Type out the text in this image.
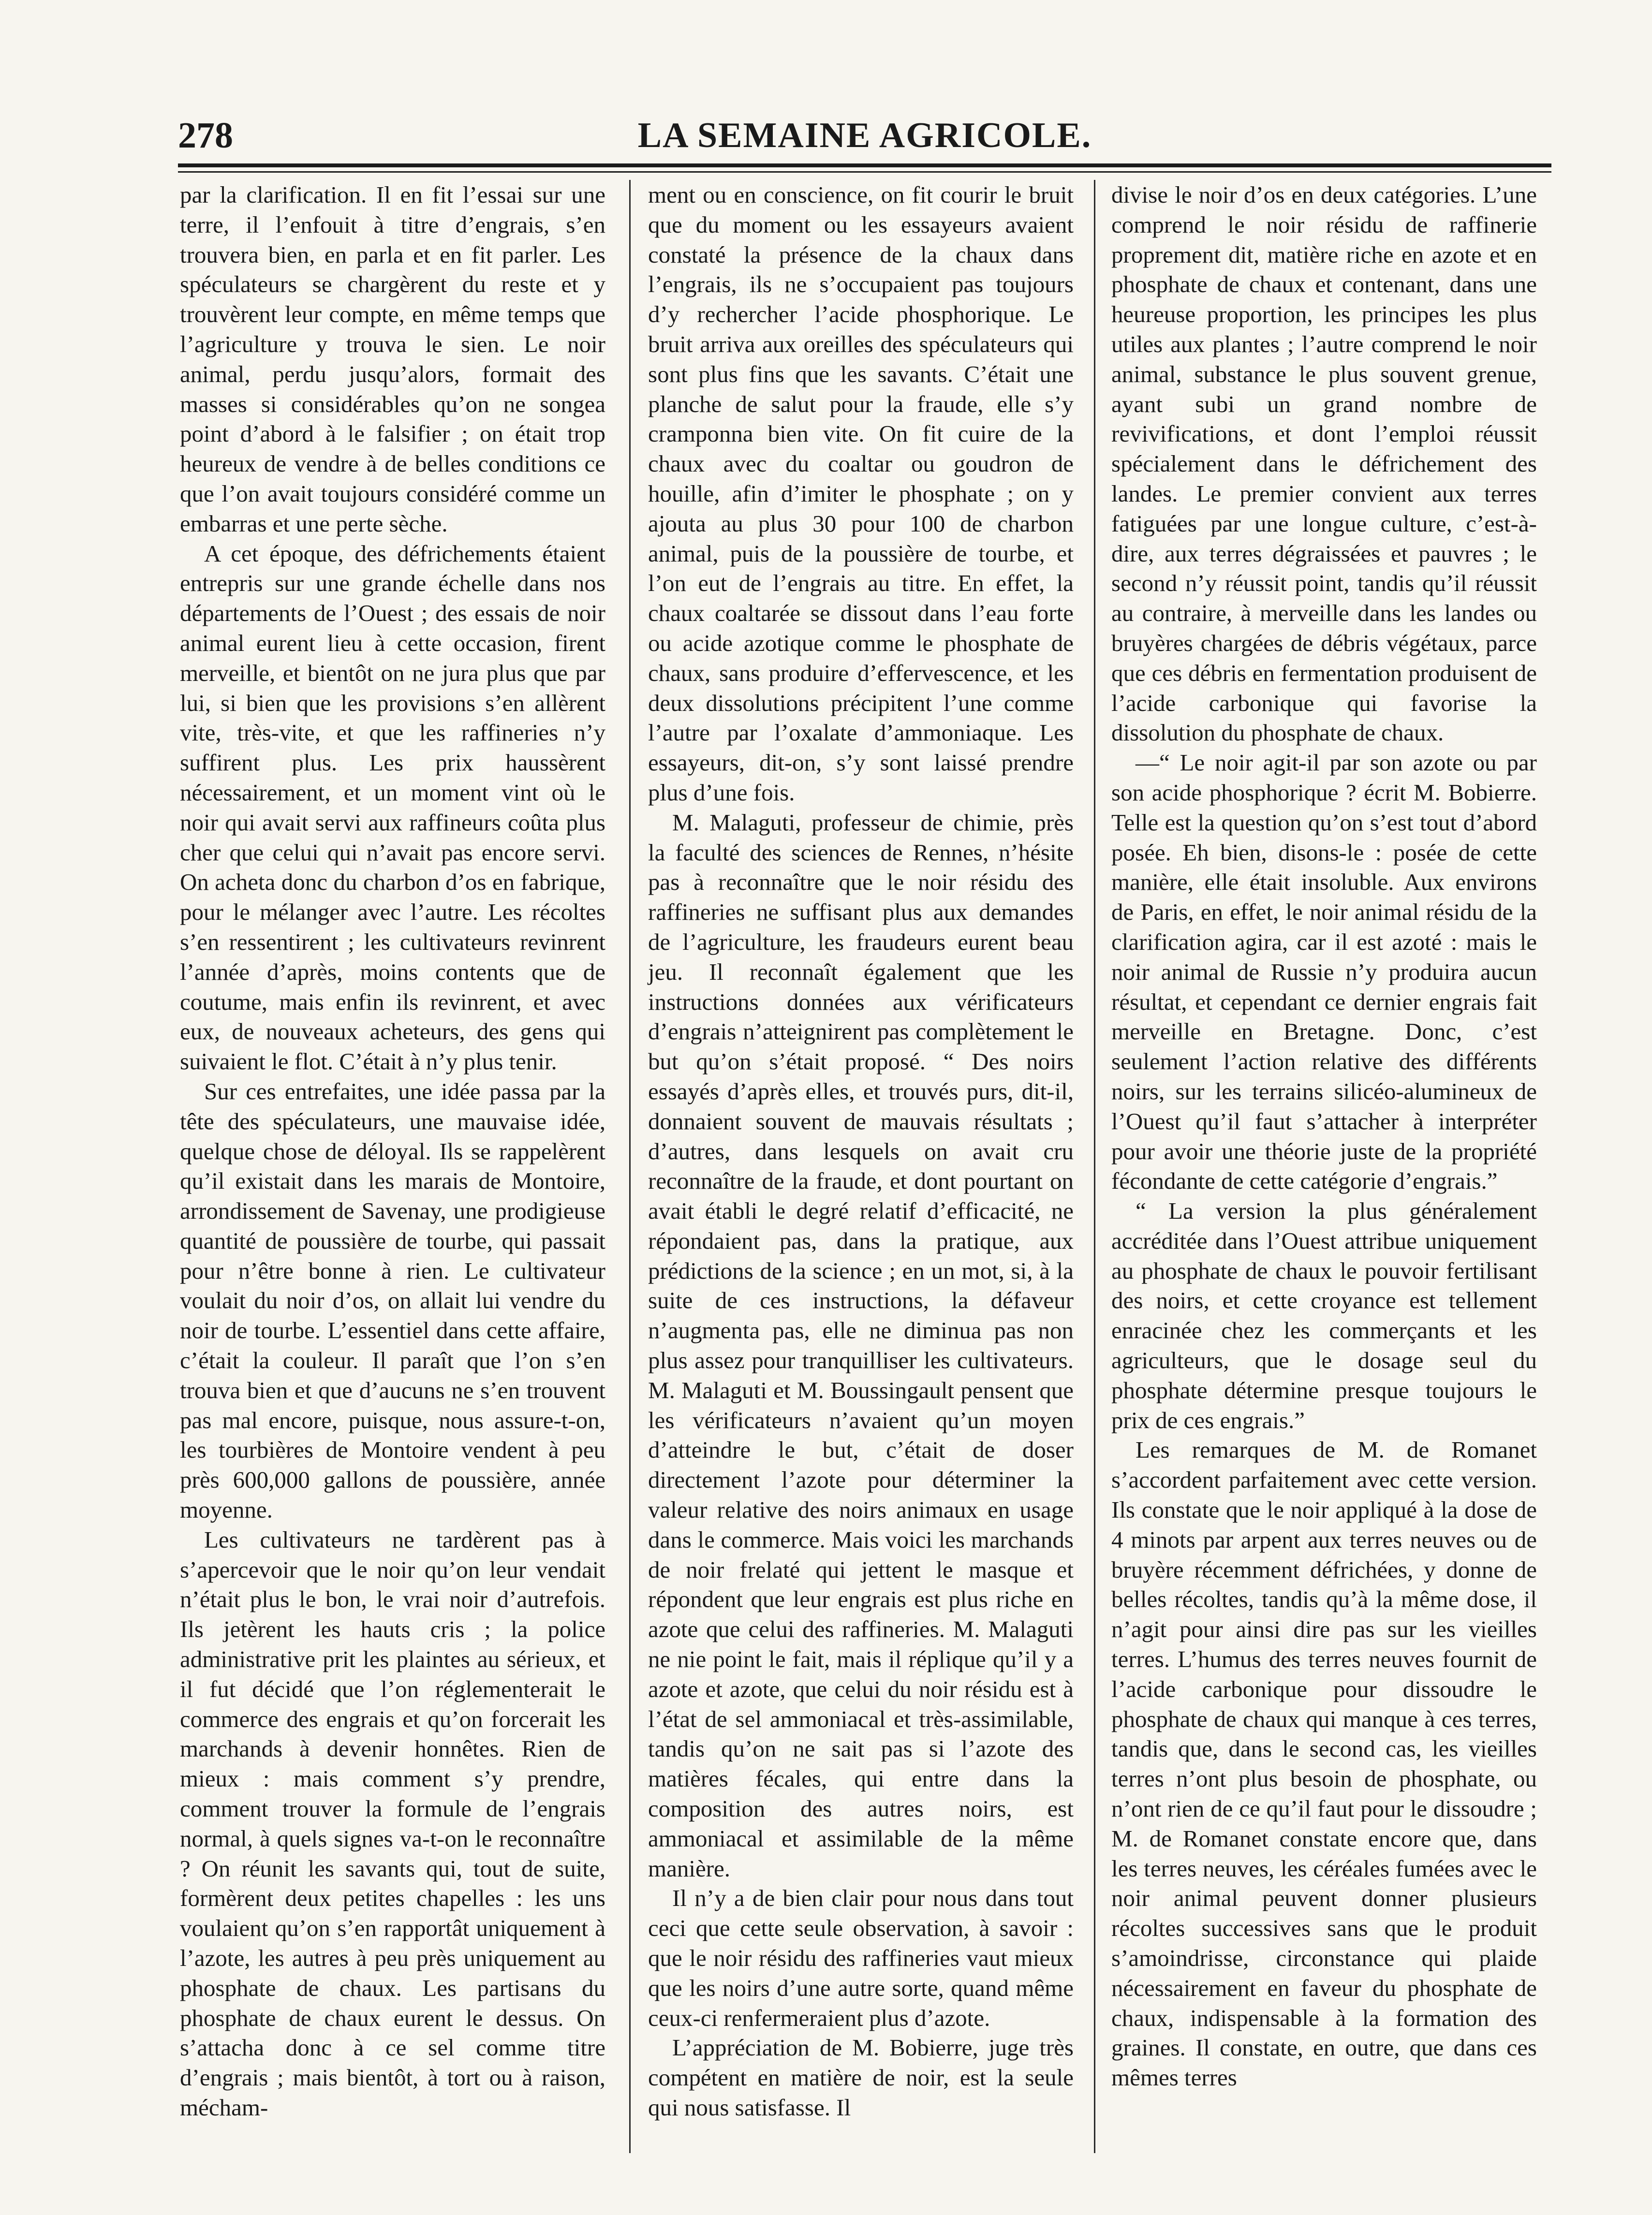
278	LA SEMAINE AGRICOLE.

par la clarification. Il en fit l’essai sur une terre, il l’enfouit à titre d’engrais, s’en trouvera bien, en parla et en fit parler. Les spéculateurs se chargèrent du reste et y trouvèrent leur compte, en même temps que l’agriculture y trouva le sien. Le noir animal, perdu jusqu’alors, formait des masses si considérables qu’on ne songea point d’abord à le falsifier ; on était trop heureux de vendre à de belles conditions ce que l’on avait toujours considéré comme un embarras et une perte sèche.

A cet époque, des défrichements étaient entrepris sur une grande échelle dans nos départements de l’Ouest ; des essais de noir animal eurent lieu à cette occasion, firent merveille, et bientôt on ne jura plus que par lui, si bien que les provisions s’en allèrent vite, très-vite, et que les raffineries n’y suffirent plus. Les prix haussèrent nécessairement, et un moment vint où le noir qui avait servi aux raffineurs coûta plus cher que celui qui n’avait pas encore servi. On acheta donc du charbon d’os en fabrique, pour le mélanger avec l’autre. Les récoltes s’en ressentirent ; les cultivateurs revinrent l’année d’après, moins contents que de coutume, mais enfin ils revinrent, et avec eux, de nouveaux acheteurs, des gens qui suivaient le flot. C’était à n’y plus tenir.

Sur ces entrefaites, une idée passa par la tête des spéculateurs, une mauvaise idée, quelque chose de déloyal. Ils se rappelèrent qu’il existait dans les marais de Montoire, arrondissement de Savenay, une prodigieuse quantité de poussière de tourbe, qui passait pour n’être bonne à rien. Le cultivateur voulait du noir d’os, on allait lui vendre du noir de tourbe. L’essentiel dans cette affaire, c’était la couleur. Il paraît que l’on s’en trouva bien et que d’aucuns ne s’en trouvent pas mal encore, puisque, nous assure-t-on, les tourbières de Montoire vendent à peu près 600,000 gallons de poussière, année moyenne.

Les cultivateurs ne tardèrent pas à s’apercevoir que le noir qu’on leur vendait n’était plus le bon, le vrai noir d’autrefois. Ils jetèrent les hauts cris ; la police administrative prit les plaintes au sérieux, et il fut décidé que l’on réglementerait le commerce des engrais et qu’on forcerait les marchands à devenir honnêtes. Rien de mieux : mais comment s’y prendre, comment trouver la formule de l’engrais normal, à quels signes va-t-on le reconnaître ? On réunit les savants qui, tout de suite, formèrent deux petites chapelles : les uns voulaient qu’on s’en rapportât uniquement à l’azote, les autres à peu près uniquement au phosphate de chaux. Les partisans du phosphate de chaux eurent le dessus. On s’attacha donc à ce sel comme titre d’engrais ; mais bientôt, à tort ou à raison, mécham-

ment ou en conscience, on fit courir le bruit que du moment ou les essayeurs avaient constaté la présence de la chaux dans l’engrais, ils ne s’occupaient pas toujours d’y rechercher l’acide phosphorique. Le bruit arriva aux oreilles des spéculateurs qui sont plus fins que les savants. C’était une planche de salut pour la fraude, elle s’y cramponna bien vite. On fit cuire de la chaux avec du coaltar ou goudron de houille, afin d’imiter le phosphate ; on y ajouta au plus 30 pour 100 de charbon animal, puis de la poussière de tourbe, et l’on eut de l’engrais au titre. En effet, la chaux coaltarée se dissout dans l’eau forte ou acide azotique comme le phosphate de chaux, sans produire d’effervescence, et les deux dissolutions précipitent l’une comme l’autre par l’oxalate d’ammoniaque. Les essayeurs, dit-on, s’y sont laissé prendre plus d’une fois.

M. Malaguti, professeur de chimie, près la faculté des sciences de Rennes, n’hésite pas à reconnaître que le noir résidu des raffineries ne suffisant plus aux demandes de l’agriculture, les fraudeurs eurent beau jeu. Il reconnaît également que les instructions données aux vérificateurs d’engrais n’atteignirent pas complètement le but qu’on s’était proposé. “ Des noirs essayés d’après elles, et trouvés purs, dit-il, donnaient souvent de mauvais résultats ; d’autres, dans lesquels on avait cru reconnaître de la fraude, et dont pourtant on avait établi le degré relatif d’efficacité, ne répondaient pas, dans la pratique, aux prédictions de la science ; en un mot, si, à la suite de ces instructions, la défaveur n’augmenta pas, elle ne diminua pas non plus assez pour tranquilliser les cultivateurs. M. Malaguti et M. Boussingault pensent que les vérificateurs n’avaient qu’un moyen d’atteindre le but, c’était de doser directement l’azote pour déterminer la valeur relative des noirs animaux en usage dans le commerce. Mais voici les marchands de noir frelaté qui jettent le masque et répondent que leur engrais est plus riche en azote que celui des raffineries. M. Malaguti ne nie point le fait, mais il réplique qu’il y a azote et azote, que celui du noir résidu est à l’état de sel ammoniacal et très-assimilable, tandis qu’on ne sait pas si l’azote des matières fécales, qui entre dans la composition des autres noirs, est ammoniacal et assimilable de la même manière.

Il n’y a de bien clair pour nous dans tout ceci que cette seule observation, à savoir : que le noir résidu des raffineries vaut mieux que les noirs d’une autre sorte, quand même ceux-ci renfermeraient plus d’azote.

L’appréciation de M. Bobierre, juge très compétent en matière de noir, est la seule qui nous satisfasse. Il

divise le noir d’os en deux catégories. L’une comprend le noir résidu de raffinerie proprement dit, matière riche en azote et en phosphate de chaux et contenant, dans une heureuse proportion, les principes les plus utiles aux plantes ; l’autre comprend le noir animal, substance le plus souvent grenue, ayant subi un grand nombre de revivifications, et dont l’emploi réussit spécialement dans le défrichement des landes. Le premier convient aux terres fatiguées par une longue culture, c’est-à-dire, aux terres dégraissées et pauvres ; le second n’y réussit point, tandis qu’il réussit au contraire, à merveille dans les landes ou bruyères chargées de débris végétaux, parce que ces débris en fermentation produisent de l’acide carbonique qui favorise la dissolution du phosphate de chaux.

—“ Le noir agit-il par son azote ou par son acide phosphorique ? écrit M. Bobierre. Telle est la question qu’on s’est tout d’abord posée. Eh bien, disons-le : posée de cette manière, elle était insoluble. Aux environs de Paris, en effet, le noir animal résidu de la clarification agira, car il est azoté : mais le noir animal de Russie n’y produira aucun résultat, et cependant ce dernier engrais fait merveille en Bretagne. Donc, c’est seulement l’action relative des différents noirs, sur les terrains silicéo-alumineux de l’Ouest qu’il faut s’attacher à interpréter pour avoir une théorie juste de la propriété fécondante de cette catégorie d’engrais.”

“ La version la plus généralement accréditée dans l’Ouest attribue uniquement au phosphate de chaux le pouvoir fertilisant des noirs, et cette croyance est tellement enracinée chez les commerçants et les agriculteurs, que le dosage seul du phosphate détermine presque toujours le prix de ces engrais.”

Les remarques de M. de Romanet s’accordent parfaitement avec cette version. Ils constate que le noir appliqué à la dose de 4 minots par arpent aux terres neuves ou de bruyère récemment défrichées, y donne de belles récoltes, tandis qu’à la même dose, il n’agit pour ainsi dire pas sur les vieilles terres. L’humus des terres neuves fournit de l’acide carbonique pour dissoudre le phosphate de chaux qui manque à ces terres, tandis que, dans le second cas, les vieilles terres n’ont plus besoin de phosphate, ou n’ont rien de ce qu’il faut pour le dissoudre ; M. de Romanet constate encore que, dans les terres neuves, les céréales fumées avec le noir animal peuvent donner plusieurs récoltes successives sans que le produit s’amoindrisse, circonstance qui plaide nécessairement en faveur du phosphate de chaux, indispensable à la formation des graines. Il constate, en outre, que dans ces mêmes terres
